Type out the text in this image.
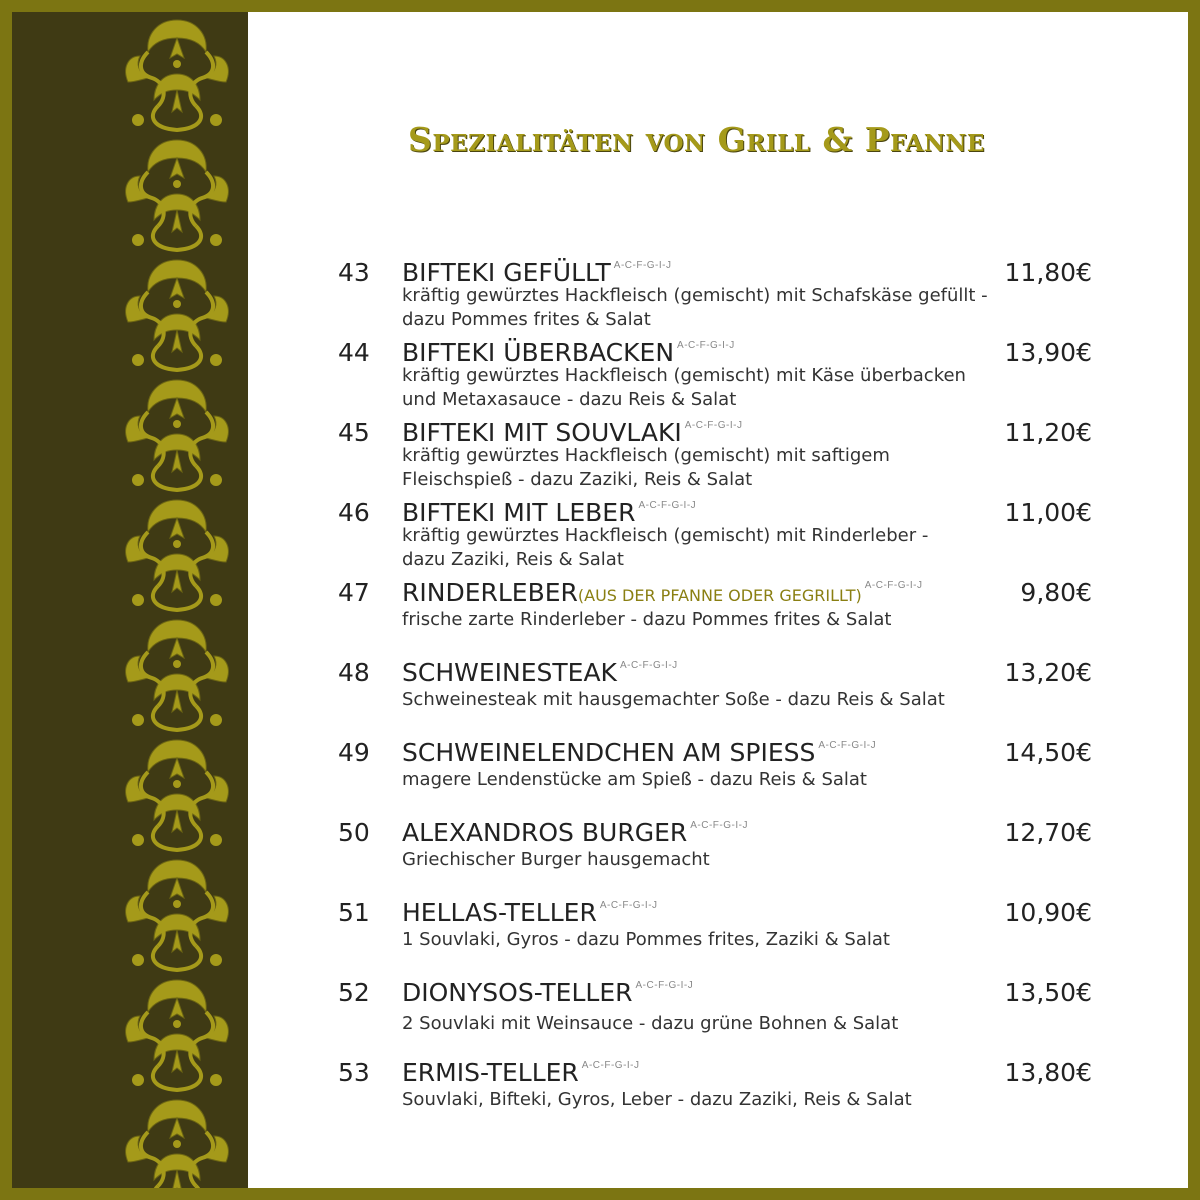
Spezialitäten von Grill & Pfanne
43 BIFTEKI GEFÜLLT $^{A-C-F-G-I-J}$	11,80€
kräftig gewürztes Hackfleisch (gemischt) mit Schafskäse gefüllt -dazu Pommes frites & Salat
44 BIFTEKI ÜBERBACKEN $^{A-C-F-G-I-J}$	13,90€
kräftig gewürztes Hackfleisch (gemischt) mit Käse überbacken und Metaxasauce - dazu Reis & Salat
45 BIFTEKI MIT SOUVLAKI $^{A-C-F-G-I-J}$	11,20€
kräftig gewürztes Hackfleisch (gemischt) mit saftigem Fleischspieß - dazu Zaziki, Reis & Salat
46 BIFTEKI MIT LEBER $^{A-C-F-G-I-J}$	11,00€
kräftig gewürztes Hackfleisch (gemischt) mit Rinderleber - dazu Zaziki, Reis & Salat
47 RINDERLEBER(AUS DER PFANNE ODER GEGRILLT)$^{A-C-F-G-I-J}$	9,80€
frische zarte Rinderleber - dazu Pommes frites & Salat
48 SCHWEINESTEAK $^{A-C-F-G-I-J}$	13,20€
Schweinesteak mit hausgemachter Soße - dazu Reis & Salat
49 SCHWEINELENDCHEN AM SPIESS $^{A-C-F-G-I-J}$	14,50€
magere Lendenstücke am Spieß - dazu Reis & Salat
50 ALEXANDROS BURGER $^{A-C-F-G-I-J}$	12,70€
Griechischer Burger hausgemacht
51 HELLAS-TELLER $^{A-C-F-G-I-J}$	10,90€
1 Souvlaki, Gyros - dazu Pommes frites, Zaziki & Salat
52 DIONYSOS-TELLER $^{A-C-F-G-I-J}$	13,50€
2 Souvlaki mit Weinsauce - dazu grüne Bohnen & Salat
53 ERMIS-TELLER $^{A-C-F-G-I-J}$	13,80€
Souvlaki, Bifteki, Gyros, Leber - dazu Zaziki, Reis & Salat
